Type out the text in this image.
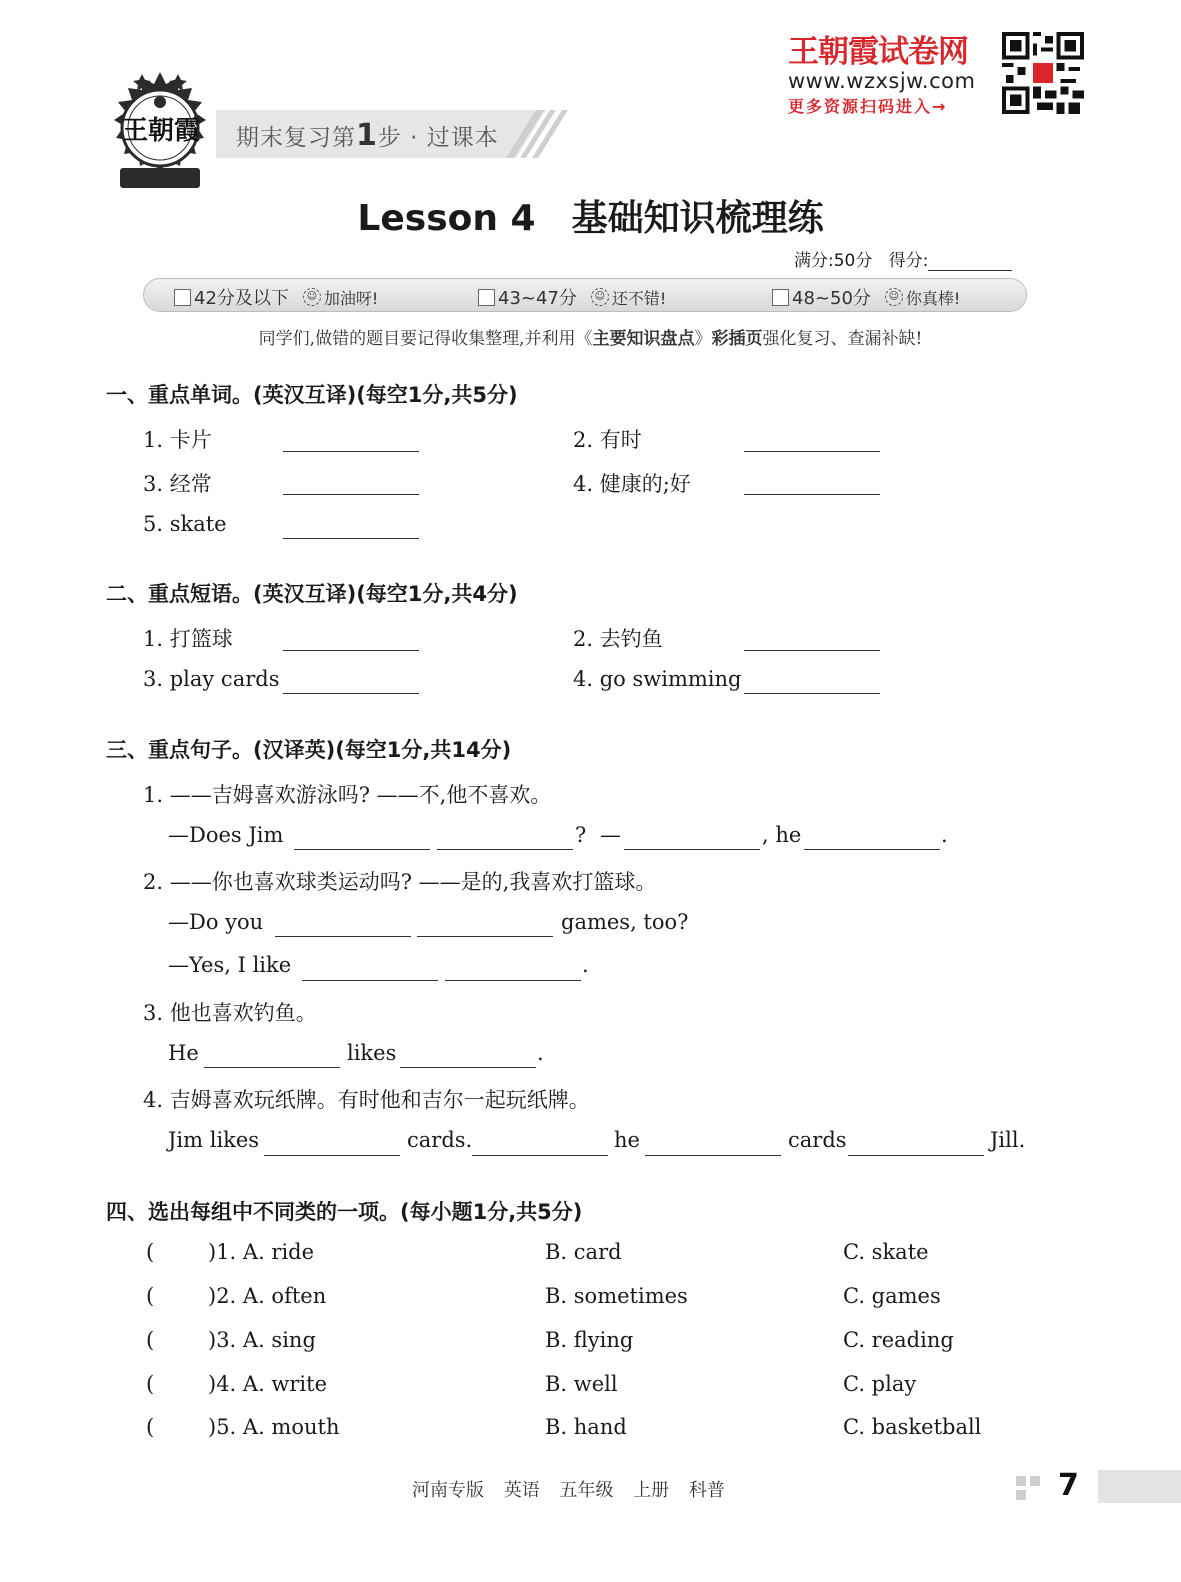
王朝霞 期末复习第1步 · 过课本
王朝霞试卷网
www.wzxsjw.com
更多资源扫码进入→
Lesson 4　基础知识梳理练
满分:50分 得分:
42分及以下	☺ 加油呀!	43~47分	☺ 还不错!	48~50分	☺ 你真棒!
同学们,做错的题目要记得收集整理,并利用《主要知识盘点》彩插页强化复习、查漏补缺!
一、重点单词。(英汉互译)(每空1分,共5分)
1. 卡片	2. 有时
3. 经常	4. 健康的;好
5. skate
二、重点短语。(英汉互译)(每空1分,共4分)
1. 打篮球	2. 去钓鱼
3. play cards	4. go swimming
三、重点句子。(汉译英)(每空1分,共14分)
1. ——吉姆喜欢游泳吗? ——不,他不喜欢。
—Does Jim	? —	, he	.
2. ——你也喜欢球类运动吗? ——是的,我喜欢打篮球。
—Do you	games, too?
—Yes, I like	.
3. 他也喜欢钓鱼。
He	likes	.
4. 吉姆喜欢玩纸牌。有时他和吉尔一起玩纸牌。
Jim likes	cards.	he	cards	Jill.
四、选出每组中不同类的一项。(每小题1分,共5分)
(	)1. A. ride	B. card	C. skate
(	)2. A. often	B. sometimes	C. games
(	)3. A. sing	B. flying	C. reading
(	)4. A. write	B. well	C. play
(	)5. A. mouth	B. hand	C. basketball
河南专版 英语 五年级 上册 科普	7
